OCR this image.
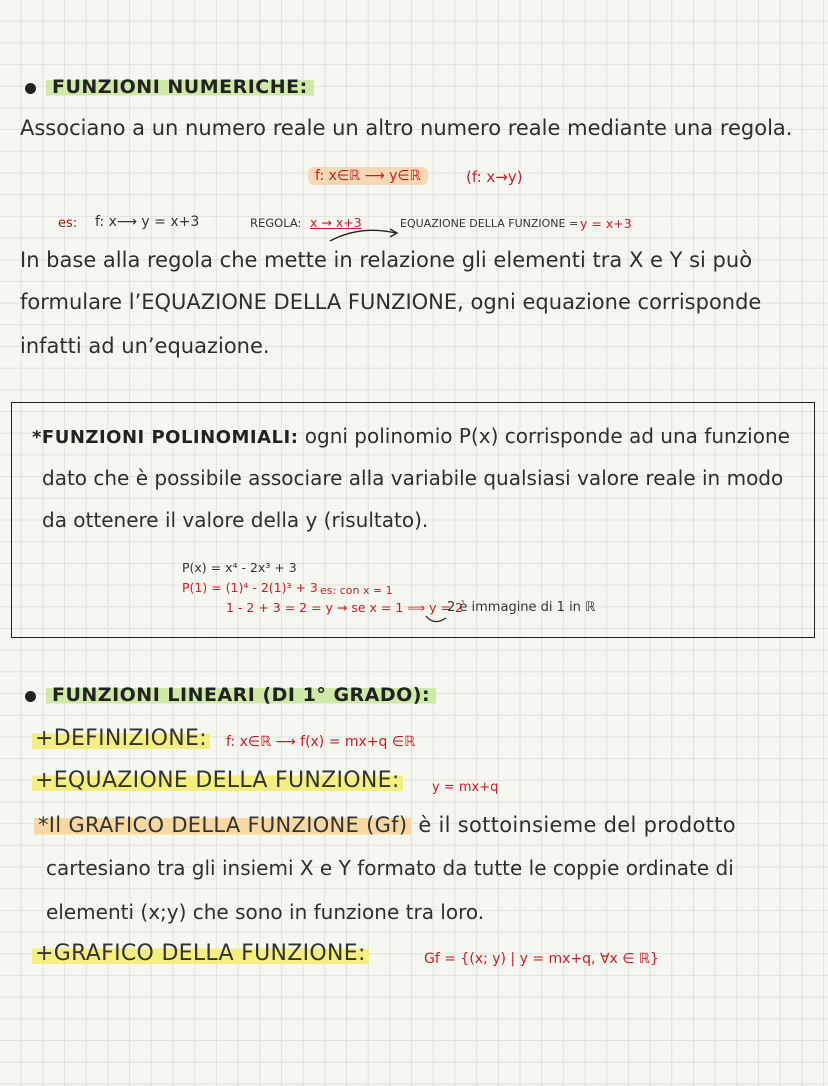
FUNZIONI NUMERICHE:
Associano a un numero reale un altro numero reale mediante una regola.
f: x∈ℝ ⟶ y∈ℝ	(f: x→y)
es: f: x⟶ y = x+3	REGOLA: x → x+3	EQUAZIONE DELLA FUNZIONE = y = x+3
In base alla regola che mette in relazione gli elementi tra X e Y si può
formulare l’EQUAZIONE DELLA FUNZIONE, ogni equazione corrisponde
infatti ad un’equazione.
*FUNZIONI POLINOMIALI: ogni polinomio P(x) corrisponde ad una funzione
dato che è possibile associare alla variabile qualsiasi valore reale in modo
da ottenere il valore della y (risultato).
P(x) = x⁴ - 2x³ + 3
P(1) = (1)⁴ - 2(1)³ + 3 es: con x = 1
1 - 2 + 3 = 2 = y → se x = 1 ⟹ y = 2
2 è immagine di 1 in ℝ
FUNZIONI LINEARI (DI 1° GRADO):
+DEFINIZIONE: f: x∈ℝ ⟶ f(x) = mx+q ∈ℝ
+EQUAZIONE DELLA FUNZIONE: y = mx+q
*Il GRAFICO DELLA FUNZIONE (Gf) è il sottoinsieme del prodotto
cartesiano tra gli insiemi X e Y formato da tutte le coppie ordinate di
elementi (x;y) che sono in funzione tra loro.
+GRAFICO DELLA FUNZIONE:	Gf = {(x; y) | y = mx+q, ∀x ∈ ℝ}
